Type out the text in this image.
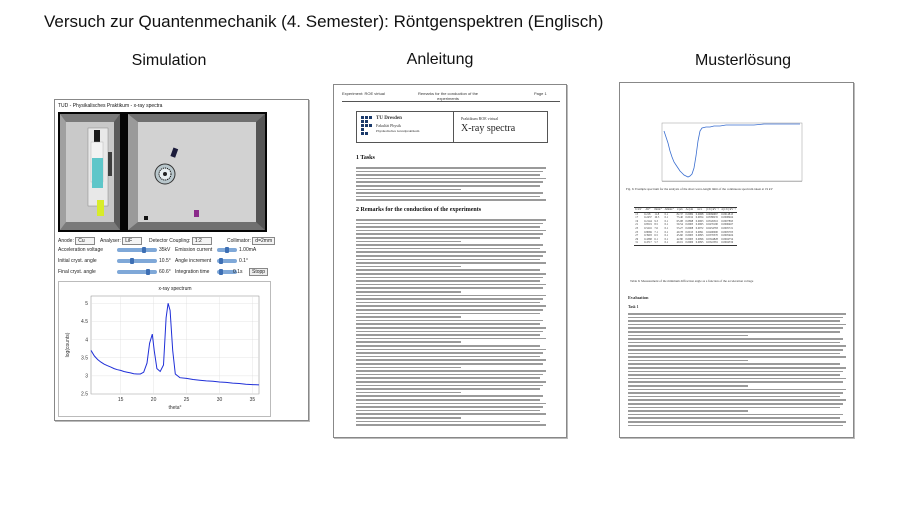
Versuch zur Quantenmechanik (4. Semester): Röntgenspektren (Englisch)
Simulation	Anleitung	Musterlösung
TUD - Physikalisches Praktikum - x-ray spectra
Anode: Cu	Analyser: LiF	Detector Coupling: 1:2	Collimator: d=2mm
Acceleration voltage	35kV Emission current	1.00mA
Initial cryst. angle	10.5° Angle increment	0.1°
Final cryst. angle	60.6° Integration time	0.1s	Stopp
x-ray spectrum
15	20	25	30	35
2.5
3
3.5
4
4.5
5
theta°
log(counts)
Experiment: ROE virtual	Remarks for the conduction of the experiments
Page 1
TU Dresden
Fakultät Physik
Physikalisches Grundpraktikum
Praktikum ROE virtual
X-ray spectra
1 Tasks
2 Remarks for the conduction of the experiments
Fig. 6: Example spectrum for the analysis of the short wave-length limit of the continuous spectrum taken at 19 kV
U/kV	Δθ/°	θmin/°	Δθmin/°	λ/pm	Δλ/pm	Δλ/λ	(1/U)/kV⁻¹	Δ(1/U)/kV⁻¹
15	0.218	11.8	0.1	82.37	0.0982	0.0068	0.0666667	0.0014815
17	0.2437	10.5	0.1	73.40	0.0912	0.0054	0.0588235	0.0008464
19	0.2144	9.3	0.1	65.08	0.0898	0.0063	0.0526316	0.0007895
21	0.8519	8.5	0.1	59.54	0.0903	0.0065	0.0476190	0.0006467
23	0.5216	7.6	0.1	53.27	0.0908	0.0072	0.0434783	0.0005721
25	0.8069	7.1	0.1	49.78	0.0915	0.0091	0.0400000	0.0005705
27	0.3993	6.5	0.1	45.60	0.0905	0.0095	0.0370370	0.0005404
29	0.4368	6.1	0.1	42.80	0.0905	0.0096	0.0344828	0.0004754
31	0.4717	5.7	0.1	40.01	0.0900	0.0095	0.0322581	0.0004559
Table 6: Measurement of the minimum diffraction angle as a function of the acceleration voltage
Evaluation
Task 1
